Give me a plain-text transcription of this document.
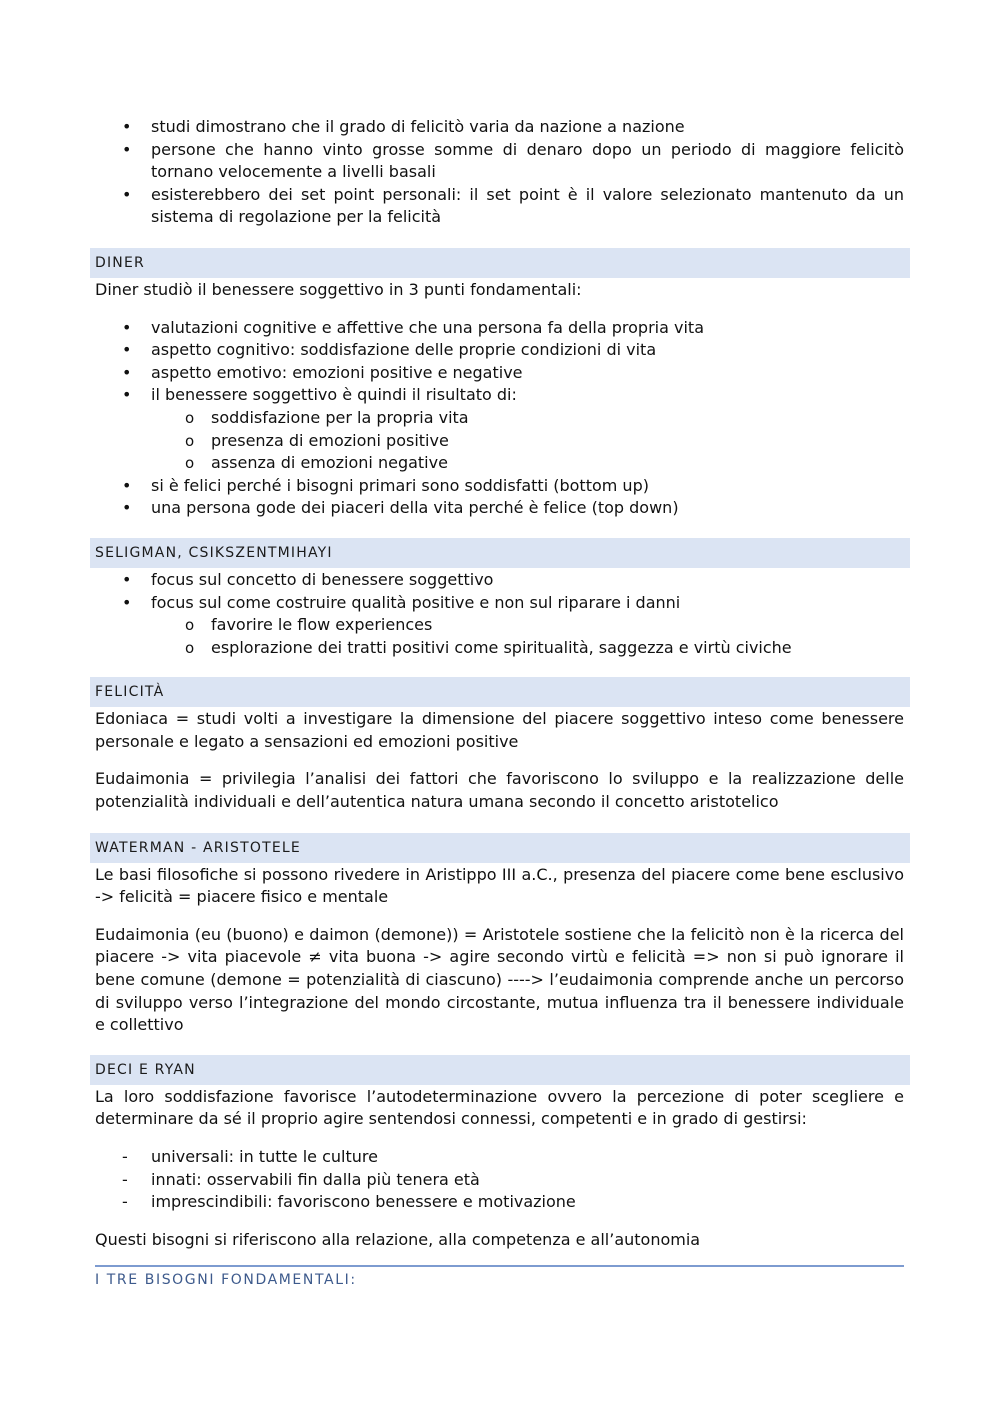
• studi dimostrano che il grado di felicitò varia da nazione a nazione
• persone che hanno vinto grosse somme di denaro dopo un periodo di maggiore felicitò tornano velocemente a livelli basali
• esisterebbero dei set point personali: il set point è il valore selezionato mantenuto da un sistema di regolazione per la felicità
DINER

Diner studiò il benessere soggettivo in 3 punti fondamentali:

• valutazioni cognitive e affettive che una persona fa della propria vita
• aspetto cognitivo: soddisfazione delle proprie condizioni di vita
• aspetto emotivo: emozioni positive e negative
• il benessere soggettivo è quindi il risultato di:
o soddisfazione per la propria vita
o presenza di emozioni positive
o assenza di emozioni negative
• si è felici perché i bisogni primari sono soddisfatti (bottom up)
• una persona gode dei piaceri della vita perché è felice (top down)
SELIGMAN, CSIKSZENTMIHAYI
• focus sul concetto di benessere soggettivo
• focus sul come costruire qualità positive e non sul riparare i danni
o favorire le flow experiences
o esplorazione dei tratti positivi come spiritualità, saggezza e virtù civiche
FELICITÀ

Edoniaca = studi volti a investigare la dimensione del piacere soggettivo inteso come benessere personale e legato a sensazioni ed emozioni positive

Eudaimonia = privilegia l’analisi dei fattori che favoriscono lo sviluppo e la realizzazione delle potenzialità individuali e dell’autentica natura umana secondo il concetto aristotelico

WATERMAN - ARISTOTELE

Le basi filosofiche si possono rivedere in Aristippo III a.C., presenza del piacere come bene esclusivo -> felicità = piacere fisico e mentale

Eudaimonia (eu (buono) e daimon (demone)) = Aristotele sostiene che la felicitò non è la ricerca del piacere -> vita piacevole ≠ vita buona -> agire secondo virtù e felicità => non si può ignorare il bene comune (demone = potenzialità di ciascuno) ----> l’eudaimonia comprende anche un percorso di sviluppo verso l’integrazione del mondo circostante, mutua influenza tra il benessere individuale e collettivo

DECI E RYAN

La loro soddisfazione favorisce l’autodeterminazione ovvero la percezione di poter scegliere e determinare da sé il proprio agire sentendosi connessi, competenti e in grado di gestirsi:

- universali: in tutte le culture
- innati: osservabili fin dalla più tenera età
- imprescindibili: favoriscono benessere e motivazione

Questi bisogni si riferiscono alla relazione, alla competenza e all’autonomia

I TRE BISOGNI FONDAMENTALI:
